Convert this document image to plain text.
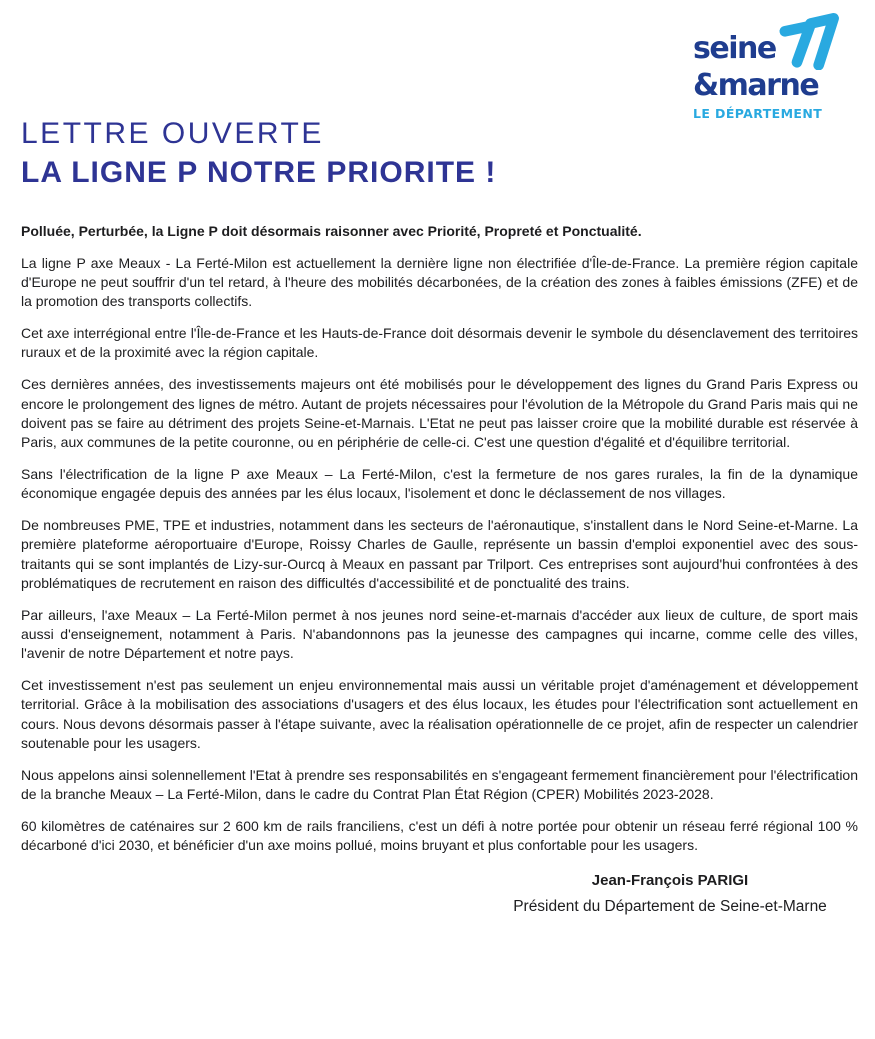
seine
&marne
LE DÉPARTEMENT
LETTRE OUVERTE
LA LIGNE P NOTRE PRIORITE !

Polluée, Perturbée, la Ligne P doit désormais raisonner avec Priorité, Propreté et Ponctualité.

La ligne P axe Meaux - La Ferté-Milon est actuellement la dernière ligne non électrifiée d'Île-de-France. La première région capitale d'Europe ne peut souffrir d'un tel retard, à l'heure des mobilités décarbonées, de la création des zones à faibles émissions (ZFE) et de la promotion des transports collectifs.

Cet axe interrégional entre l'Île-de-France et les Hauts-de-France doit désormais devenir le symbole du désenclavement des territoires ruraux et de la proximité avec la région capitale.

Ces dernières années, des investissements majeurs ont été mobilisés pour le développement des lignes du Grand Paris Express ou encore le prolongement des lignes de métro. Autant de projets nécessaires pour l'évolution de la Métropole du Grand Paris mais qui ne doivent pas se faire au détriment des projets Seine-et-Marnais. L'Etat ne peut pas laisser croire que la mobilité durable est réservée à Paris, aux communes de la petite couronne, ou en périphérie de celle-ci. C'est une question d'égalité et d'équilibre territorial.

Sans l'électrification de la ligne P axe Meaux – La Ferté-Milon, c'est la fermeture de nos gares rurales, la fin de la dynamique économique engagée depuis des années par les élus locaux, l'isolement et donc le déclassement de nos villages.

De nombreuses PME, TPE et industries, notamment dans les secteurs de l'aéronautique, s'installent dans le Nord Seine-et-Marne. La première plateforme aéroportuaire d'Europe, Roissy Charles de Gaulle, représente un bassin d'emploi exponentiel avec des sous-traitants qui se sont implantés de Lizy-sur-Ourcq à Meaux en passant par Trilport. Ces entreprises sont aujourd'hui confrontées à des problématiques de recrutement en raison des difficultés d'accessibilité et de ponctualité des trains.

Par ailleurs, l'axe Meaux – La Ferté-Milon permet à nos jeunes nord seine-et-marnais d'accéder aux lieux de culture, de sport mais aussi d'enseignement, notamment à Paris. N'abandonnons pas la jeunesse des campagnes qui incarne, comme celle des villes, l'avenir de notre Département et notre pays.

Cet investissement n'est pas seulement un enjeu environnemental mais aussi un véritable projet d'aménagement et développement territorial. Grâce à la mobilisation des associations d'usagers et des élus locaux, les études pour l'électrification sont actuellement en cours. Nous devons désormais passer à l'étape suivante, avec la réalisation opérationnelle de ce projet, afin de respecter un calendrier soutenable pour les usagers.

Nous appelons ainsi solennellement l'Etat à prendre ses responsabilités en s'engageant fermement financièrement pour l'électrification de la branche Meaux – La Ferté-Milon, dans le cadre du Contrat Plan État Région (CPER) Mobilités 2023-2028.

60 kilomètres de caténaires sur 2 600 km de rails franciliens, c'est un défi à notre portée pour obtenir un réseau ferré régional 100 % décarboné d'ici 2030, et bénéficier d'un axe moins pollué, moins bruyant et plus confortable pour les usagers.

Jean-François PARIGI
Président du Département de Seine-et-Marne
